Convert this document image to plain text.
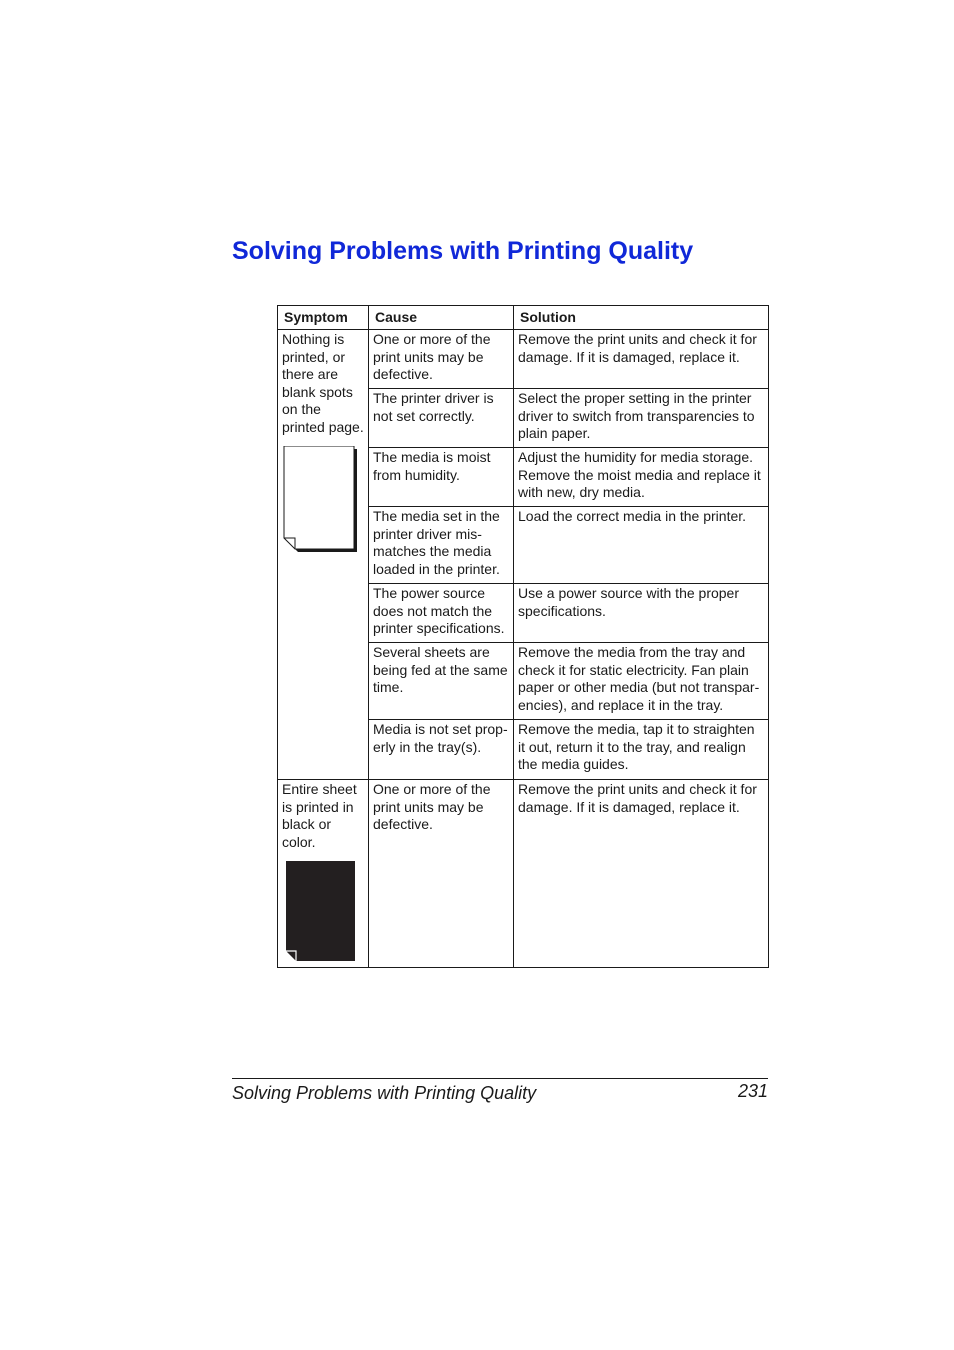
Solving Problems with Printing Quality
Symptom	Cause	Solution

Nothing is printed, or there are blank spots on the printed page.	One or more of the print units may be defective.	Remove the print units and check it for damage. If it is damaged, replace it.

	The printer driver is not set correctly.	Select the proper setting in the printer driver to switch from transparencies to plain paper.

	The media is moist from humidity.	Adjust the humidity for media storage. Remove the moist media and replace it with new, dry media.

	The media set in the printer driver mis-matches the media loaded in the printer.	Load the correct media in the printer.

	The power source does not match the printer specifications.	Use a power source with the proper specifications.

	Several sheets are being fed at the same time.	Remove the media from the tray and check it for static electricity. Fan plain paper or other media (but not transpar-encies), and replace it in the tray.

	Media is not set prop-erly in the tray(s).	Remove the media, tap it to straighten it out, return it to the tray, and realign the media guides.

Entire sheet is printed in black or color.	One or more of the print units may be defective.	Remove the print units and check it for damage. If it is damaged, replace it.
Solving Problems with Printing Quality	231
